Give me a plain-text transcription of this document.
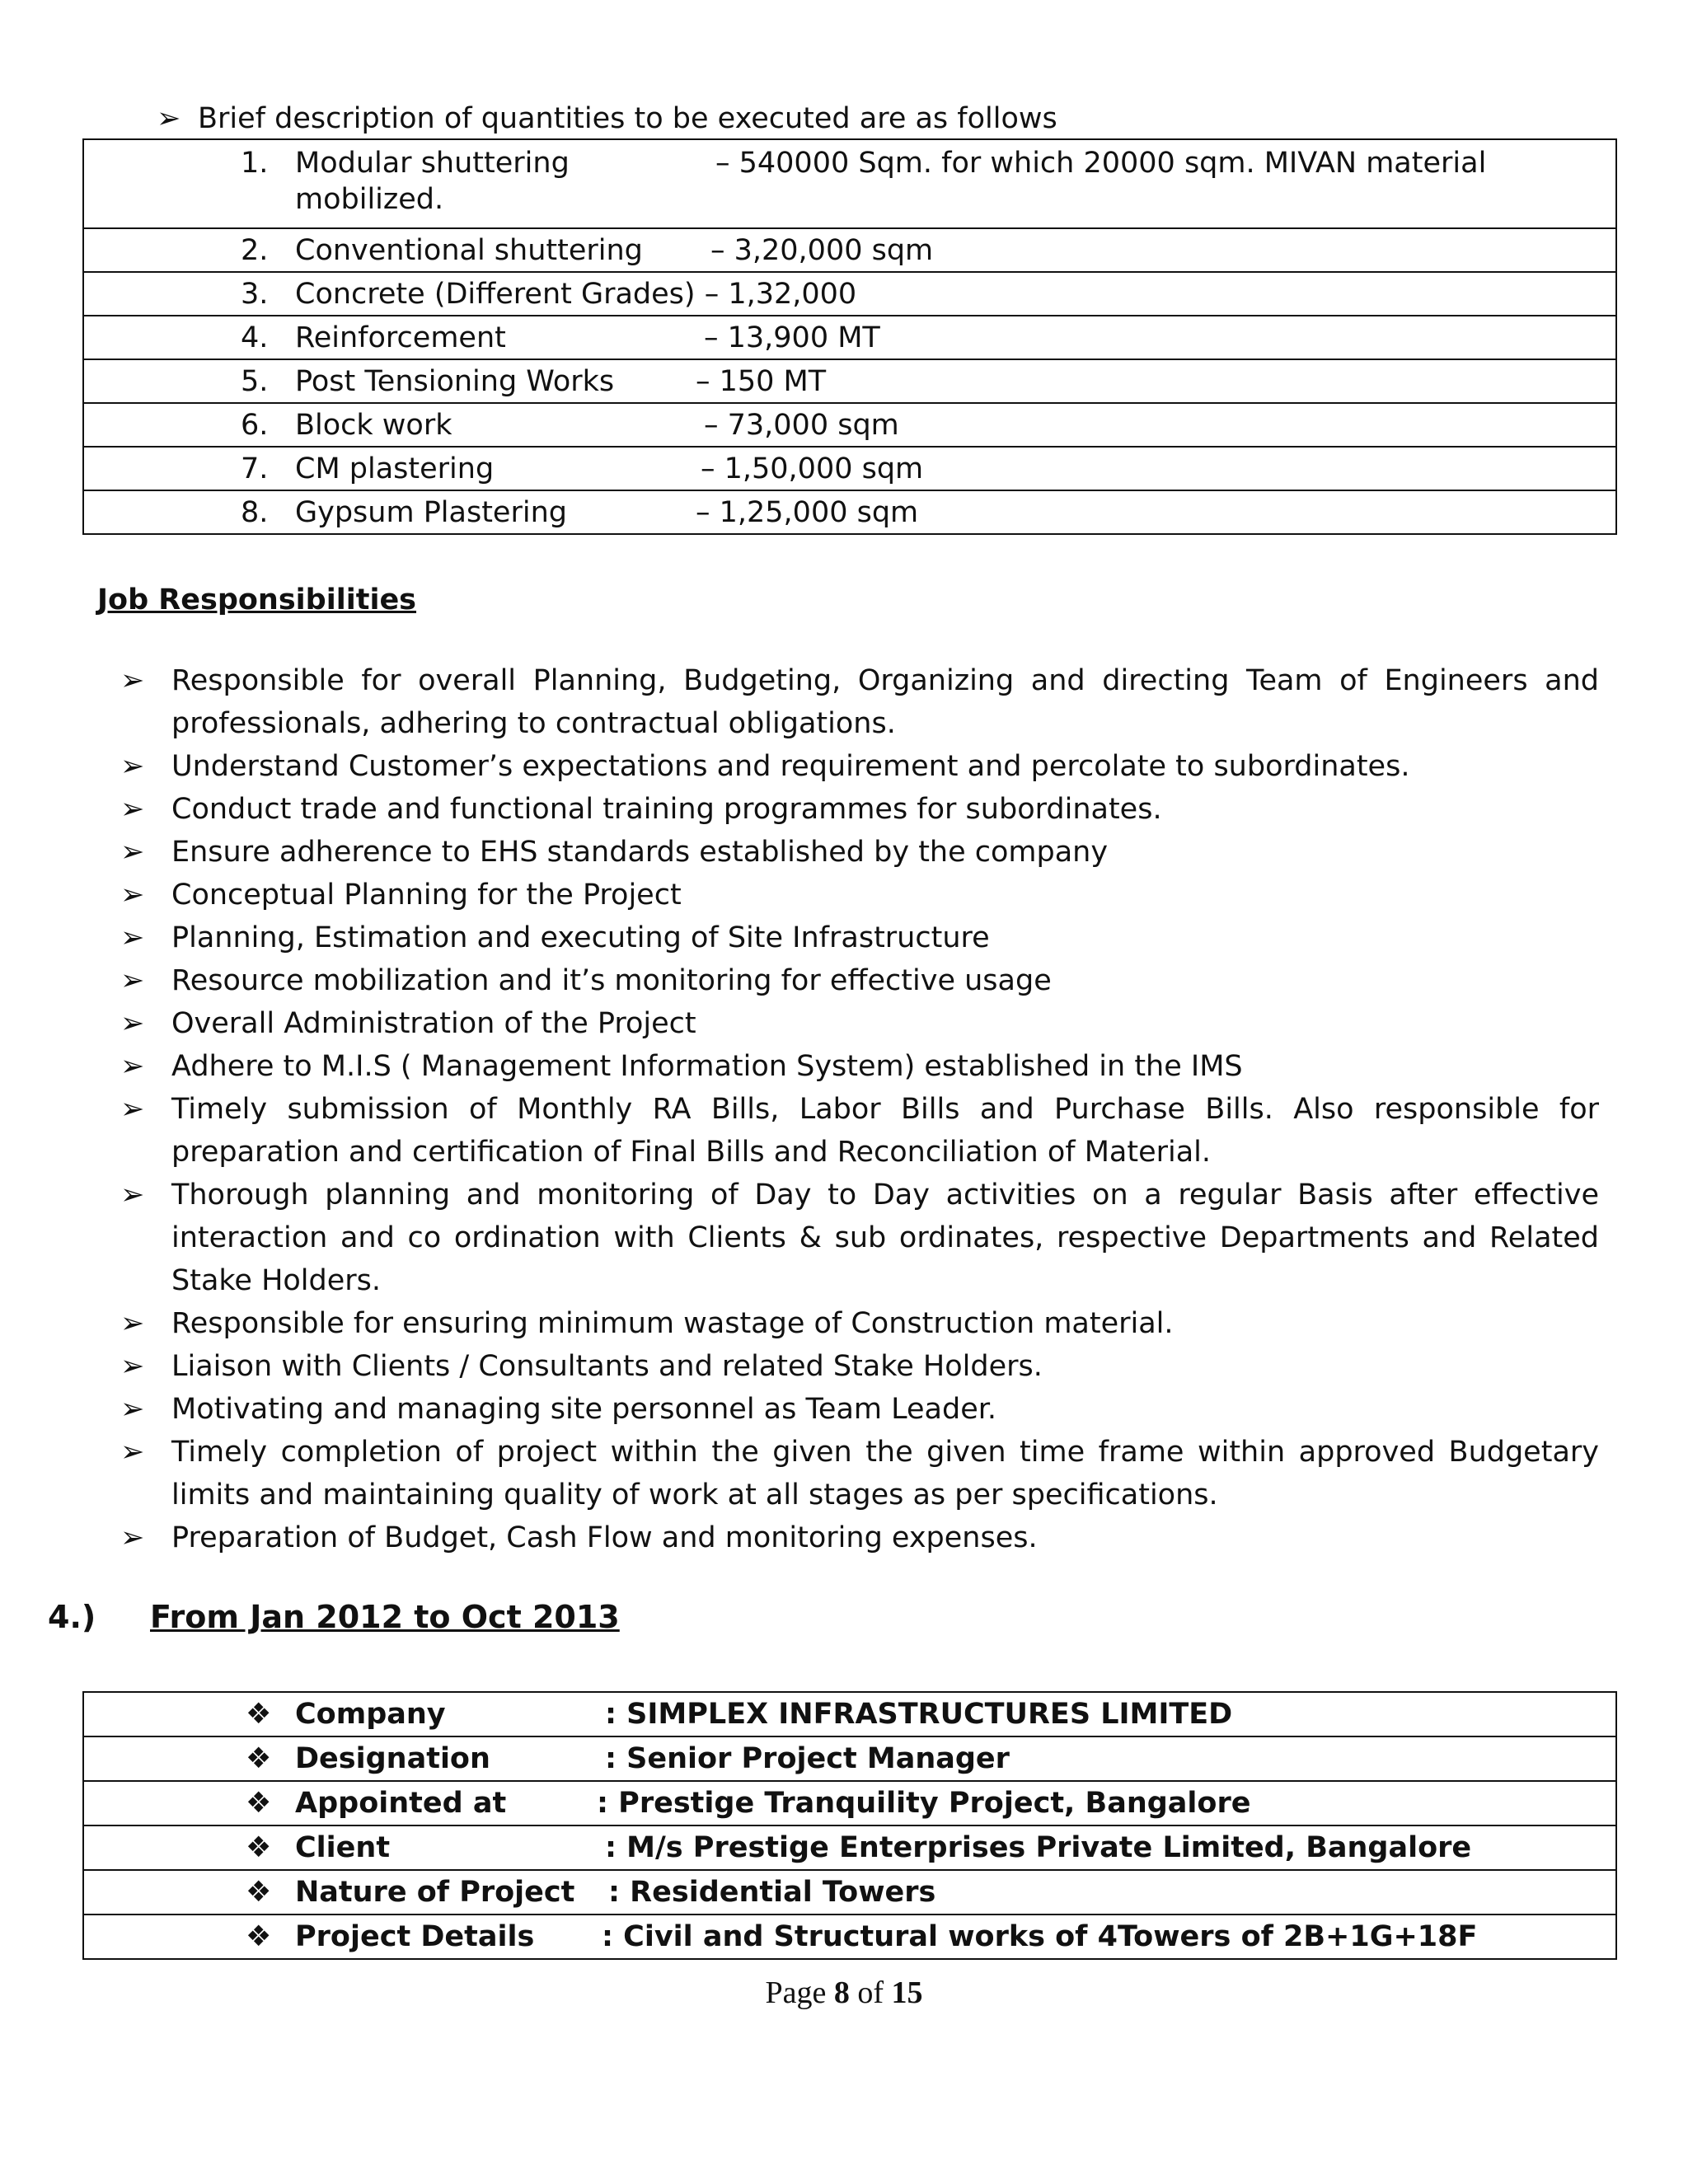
➢ Brief description of quantities to be executed are as follows
1. Modular shuttering	– 540000 Sqm. for which 20000 sqm. MIVAN material
mobilized.

2. Conventional shuttering – 3,20,000 sqm

3. Concrete (Different Grades) – 1,32,000

4. Reinforcement	– 13,900 MT

5. Post Tensioning Works	– 150 MT

6. Block work	– 73,000 sqm

7. CM plastering	– 1,50,000 sqm

8. Gypsum Plastering	– 1,25,000 sqm
Job Responsibilities
➢ Responsible for overall Planning, Budgeting, Organizing and directing Team of Engineers and professionals, adhering to contractual obligations.
➢ Understand Customer’s expectations and requirement and percolate to subordinates.
➢ Conduct trade and functional training programmes for subordinates.
➢ Ensure adherence to EHS standards established by the company
➢ Conceptual Planning for the Project
➢ Planning, Estimation and executing of Site Infrastructure
➢ Resource mobilization and it’s monitoring for effective usage
➢ Overall Administration of the Project
➢ Adhere to M.I.S ( Management Information System) established in the IMS
➢ Timely submission of Monthly RA Bills, Labor Bills and Purchase Bills. Also responsible for preparation and certification of Final Bills and Reconciliation of Material.
➢ Thorough planning and monitoring of Day to Day activities on a regular Basis after effective interaction and co ordination with Clients & sub ordinates, respective Departments and Related Stake Holders.
➢ Responsible for ensuring minimum wastage of Construction material.
➢ Liaison with Clients / Consultants and related Stake Holders.
➢ Motivating and managing site personnel as Team Leader.
➢ Timely completion of project within the given the given time frame within approved Budgetary limits and maintaining quality of work at all stages as per specifications.
➢ Preparation of Budget, Cash Flow and monitoring expenses.
4.) From Jan 2012 to Oct 2013
❖ Company	: SIMPLEX INFRASTRUCTURES LIMITED

❖ Designation	: Senior Project Manager

❖ Appointed at	: Prestige Tranquility Project, Bangalore

❖ Client	: M/s Prestige Enterprises Private Limited, Bangalore

❖ Nature of Project : Residential Towers

❖ Project Details : Civil and Structural works of 4Towers of 2B+1G+18F
Page 8 of 15
